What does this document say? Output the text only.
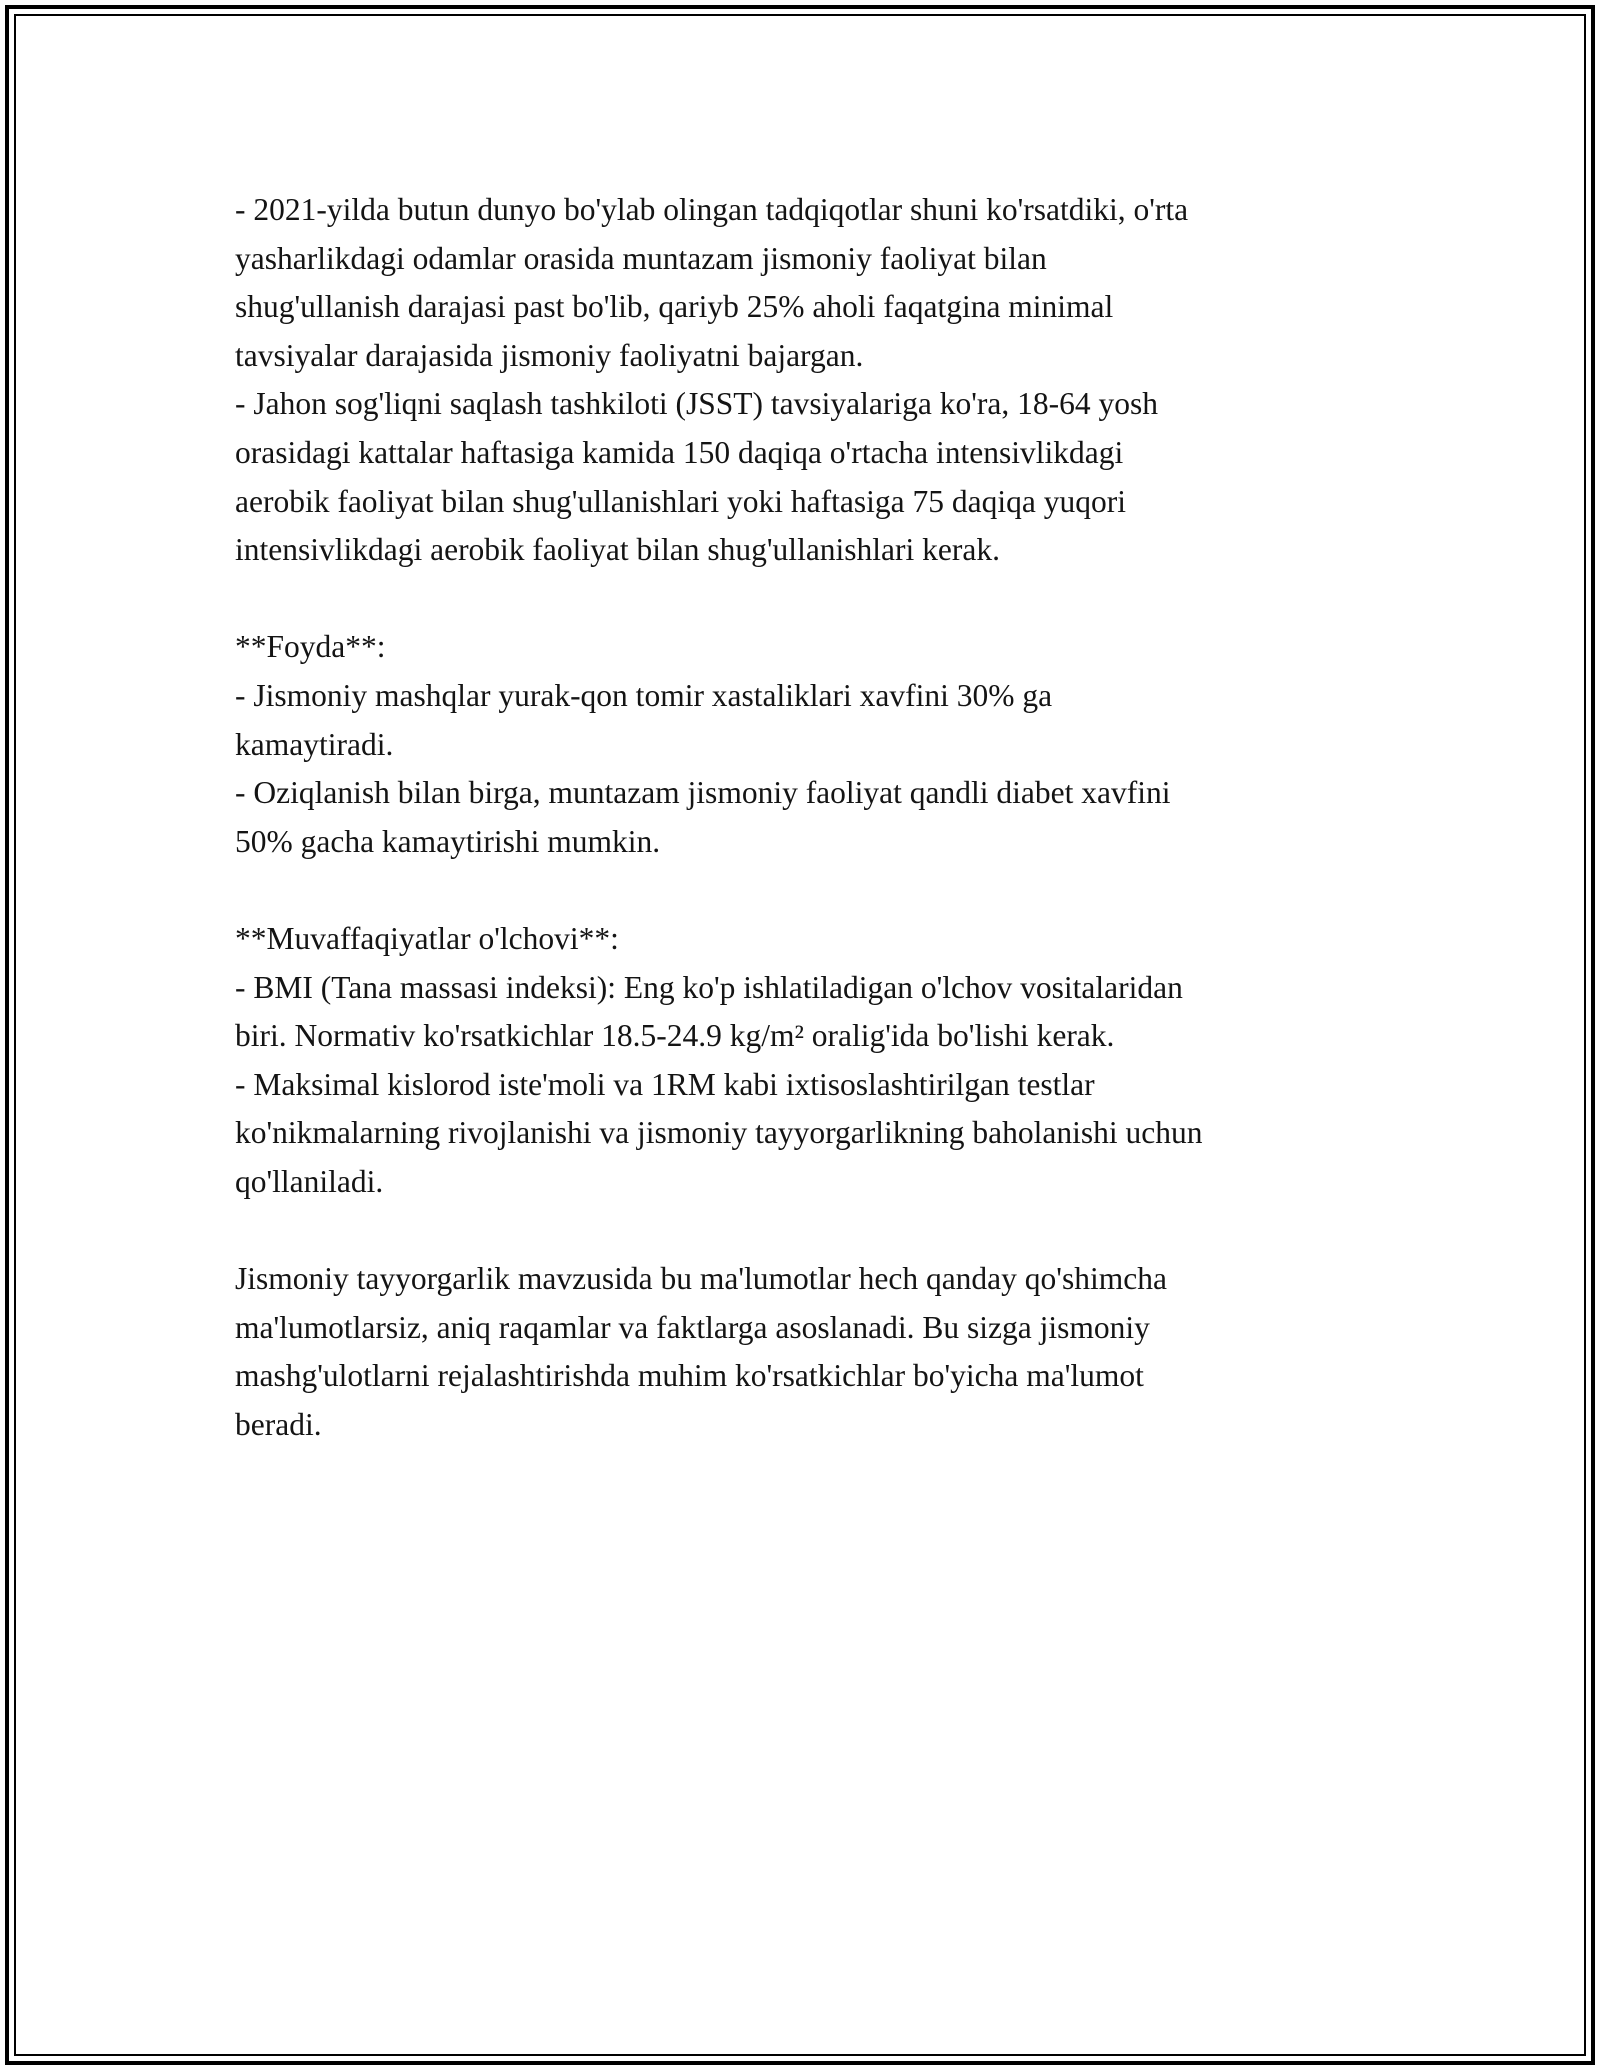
- 2021-yilda butun dunyo bo'ylab olingan tadqiqotlar shuni ko'rsatdiki, o'rta
yasharlikdagi odamlar orasida muntazam jismoniy faoliyat bilan
shug'ullanish darajasi past bo'lib, qariyb 25% aholi faqatgina minimal
tavsiyalar darajasida jismoniy faoliyatni bajargan.
- Jahon sog'liqni saqlash tashkiloti (JSST) tavsiyalariga ko'ra, 18-64 yosh
orasidagi kattalar haftasiga kamida 150 daqiqa o'rtacha intensivlikdagi
aerobik faoliyat bilan shug'ullanishlari yoki haftasiga 75 daqiqa yuqori
intensivlikdagi aerobik faoliyat bilan shug'ullanishlari kerak.
**Foyda**:
- Jismoniy mashqlar yurak-qon tomir xastaliklari xavfini 30% ga
kamaytiradi.
- Oziqlanish bilan birga, muntazam jismoniy faoliyat qandli diabet xavfini
50% gacha kamaytirishi mumkin.
**Muvaffaqiyatlar o'lchovi**:
- BMI (Tana massasi indeksi): Eng ko'p ishlatiladigan o'lchov vositalaridan
biri. Normativ ko'rsatkichlar 18.5-24.9 kg/m² oralig'ida bo'lishi kerak.
- Maksimal kislorod iste'moli va 1RM kabi ixtisoslashtirilgan testlar
ko'nikmalarning rivojlanishi va jismoniy tayyorgarlikning baholanishi uchun
qo'llaniladi.
Jismoniy tayyorgarlik mavzusida bu ma'lumotlar hech qanday qo'shimcha
ma'lumotlarsiz, aniq raqamlar va faktlarga asoslanadi. Bu sizga jismoniy
mashg'ulotlarni rejalashtirishda muhim ko'rsatkichlar bo'yicha ma'lumot
beradi.
